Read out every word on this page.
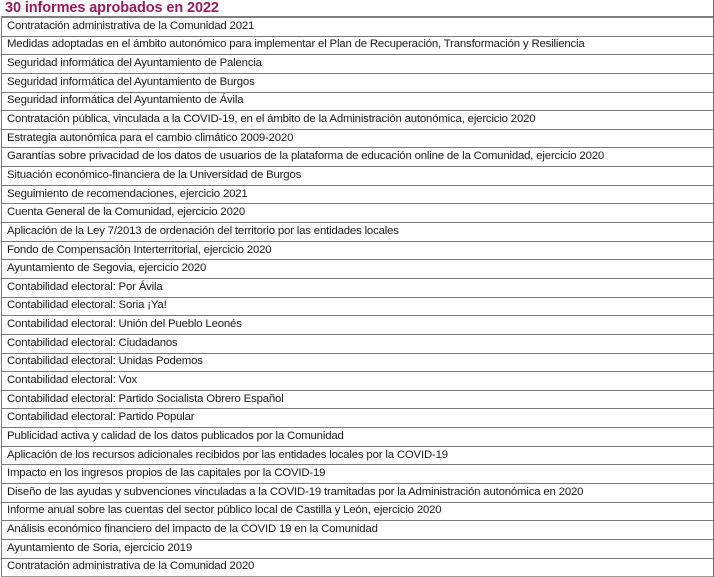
30 informes aprobados en 2022
Contratación administrativa de la Comunidad 2021
Medidas adoptadas en el ámbito autonómico para implementar el Plan de Recuperación, Transformación y Resiliencia
Seguridad informática del Ayuntamiento de Palencia
Seguridad informática del Ayuntamiento de Burgos
Seguridad informática del Ayuntamiento de Ávila
Contratación pública, vinculada a la COVID-19, en el ámbito de la Administración autonómica, ejercicio 2020
Estrategia autonómica para el cambio climático 2009-2020
Garantías sobre privacidad de los datos de usuarios de la plataforma de educación online de la Comunidad, ejercicio 2020
Situación económico-financiera de la Universidad de Burgos
Seguimiento de recomendaciones, ejercicio 2021
Cuenta General de la Comunidad, ejercicio 2020
Aplicación de la Ley 7/2013 de ordenación del territorio por las entidades locales
Fondo de Compensación Interterritorial, ejercicio 2020
Ayuntamiento de Segovia, ejercicio 2020
Contabilidad electoral: Por Ávila
Contabilidad electoral: Soria ¡Ya!
Contabilidad electoral: Unión del Pueblo Leonés
Contabilidad electoral: Ciudadanos
Contabilidad electoral: Unidas Podemos
Contabilidad electoral: Vox
Contabilidad electoral: Partido Socialista Obrero Español
Contabilidad electoral: Partido Popular
Publicidad activa y calidad de los datos publicados por la Comunidad
Aplicación de los recursos adicionales recibidos por las entidades locales por la COVID-19
Impacto en los ingresos propios de las capitales por la COVID-19
Diseño de las ayudas y subvenciones vinculadas a la COVID-19 tramitadas por la Administración autonómica en 2020
Informe anual sobre las cuentas del sector público local de Castilla y León, ejercicio 2020
Análisis económico financiero del impacto de la COVID 19 en la Comunidad
Ayuntamiento de Soria, ejercicio 2019
Contratación administrativa de la Comunidad 2020
